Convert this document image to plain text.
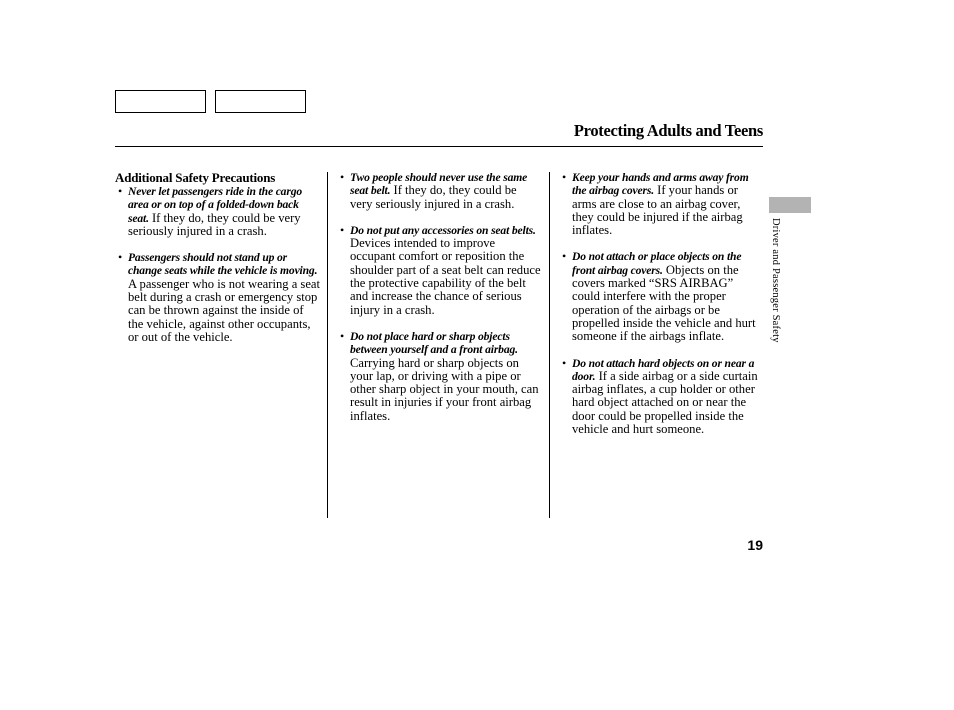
Protecting Adults and Teens
Additional Safety Precautions
• Never let passengers ride in the cargo area or on top of a folded-down back seat. If they do, they could be very seriously injured in a crash.
• Passengers should not stand up or change seats while the vehicle is moving. A passenger who is not wearing a seat belt during a crash or emergency stop can be thrown against the inside of the vehicle, against other occupants, or out of the vehicle.
• Two people should never use the same seat belt. If they do, they could be very seriously injured in a crash.
• Do not put any accessories on seat belts. Devices intended to improve occupant comfort or reposition the shoulder part of a seat belt can reduce the protective capability of the belt and increase the chance of serious injury in a crash.
• Do not place hard or sharp objects between yourself and a front airbag. Carrying hard or sharp objects on your lap, or driving with a pipe or other sharp object in your mouth, can result in injuries if your front airbag inflates.
• Keep your hands and arms away from the airbag covers. If your hands or arms are close to an airbag cover, they could be injured if the airbag inflates.
• Do not attach or place objects on the front airbag covers. Objects on the covers marked “SRS AIRBAG” could interfere with the proper operation of the airbags or be propelled inside the vehicle and hurt someone if the airbags inflate.
• Do not attach hard objects on or near a door. If a side airbag or a side curtain airbag inflates, a cup holder or other hard object attached on or near the door could be propelled inside the vehicle and hurt someone.
Driver and Passenger Safety
19
